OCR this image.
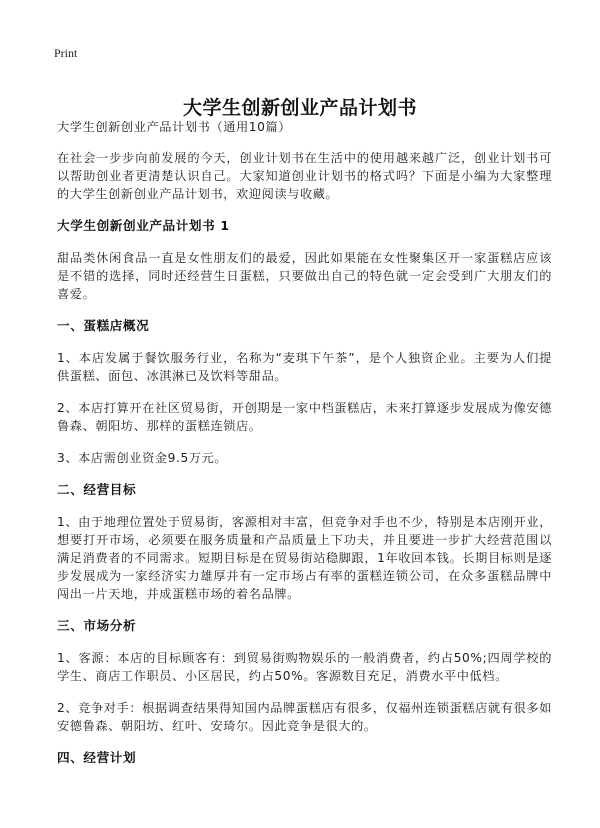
Print
大学生创新创业产品计划书

大学生创新创业产品计划书（通用10篇）

在社会一步步向前发展的今天，创业计划书在生活中的使用越来越广泛，创业计划书可以帮助创业者更清楚认识自己。大家知道创业计划书的格式吗？下面是小编为大家整理的大学生创新创业产品计划书，欢迎阅读与收藏。

大学生创新创业产品计划书 1

甜品类休闲食品一直是女性朋友们的最爱，因此如果能在女性聚集区开一家蛋糕店应该是不错的选择，同时还经营生日蛋糕，只要做出自己的特色就一定会受到广大朋友们的喜爱。

一、蛋糕店概况

1、本店发属于餐饮服务行业，名称为“麦琪下午茶”，是个人独资企业。主要为人们提供蛋糕、面包、冰淇淋已及饮料等甜品。

2、本店打算开在社区贸易街，开创期是一家中档蛋糕店，未来打算逐步发展成为像安德鲁森、朝阳坊、那样的蛋糕连锁店。

3、本店需创业资金9.5万元。

二、经营目标

1、由于地理位置处于贸易街，客源相对丰富，但竞争对手也不少，特别是本店刚开业，想要打开市场，必须要在服务质量和产品质量上下功夫，并且要进一步扩大经营范围以满足消费者的不同需求。短期目标是在贸易街站稳脚跟，1年收回本钱。长期目标则是逐步发展成为一家经济实力雄厚并有一定市场占有率的蛋糕连锁公司，在众多蛋糕品牌中闯出一片天地，并成蛋糕市场的着名品牌。

三、市场分析

1、客源：本店的目标顾客有：到贸易街购物娱乐的一般消费者，约占50%;四周学校的学生、商店工作职员、小区居民，约占50%。客源数目充足，消费水平中低档。

2、竞争对手：根据调查结果得知国内品牌蛋糕店有很多，仅福州连锁蛋糕店就有很多如安德鲁森、朝阳坊、红叶、安琦尔。因此竞争是很大的。

四、经营计划
